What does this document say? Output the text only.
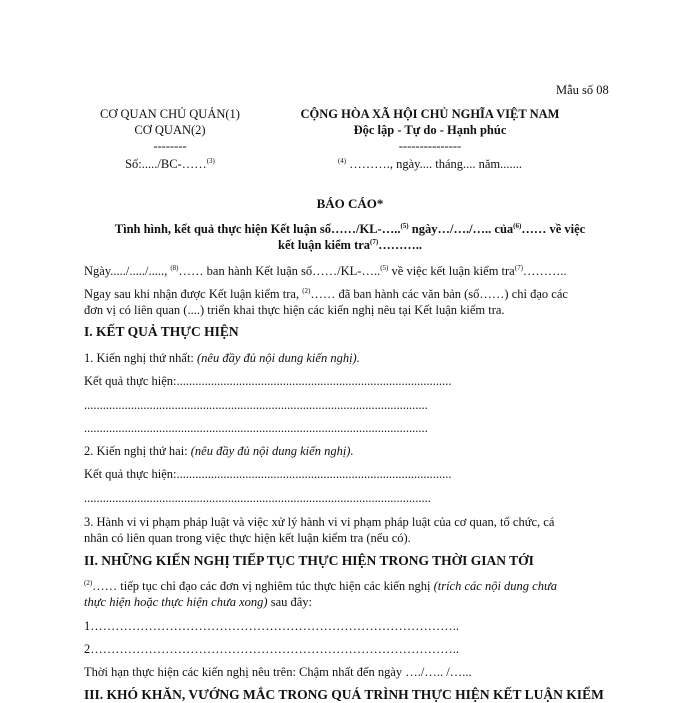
Mẫu số 08
CƠ QUAN CHỦ QUẢN(1)
CƠ QUAN(2)
--------
Số:...../BC-……$^{(3)}$
CỘNG HÒA XÃ HỘI CHỦ NGHĨA VIỆT NAM
Độc lập - Tự do - Hạnh phúc
---------------
$^{(4)}$ ………., ngày.... tháng.... năm.......
BÁO CÁO*
Tình hình, kết quả thực hiện Kết luận số……/KL-…..$^{(5)}$ ngày…/…./….. của$^{(6)}$…… về việc
kết luận kiểm tra$^{(7)}$………..
Ngày...../...../....., $^{(8)}$…… ban hành Kết luận số……/KL-…..$^{(5)}$ về việc kết luận kiểm tra$^{(7)}$………..
Ngay sau khi nhận được Kết luận kiểm tra, $^{(2)}$…… đã ban hành các văn bản (số……) chỉ đạo các
đơn vị có liên quan (....) triển khai thực hiện các kiến nghị nêu tại Kết luận kiểm tra.
I. KẾT QUẢ THỰC HIỆN
1. Kiến nghị thứ nhất: (nêu đầy đủ nội dung kiến nghị).
Kết quả thực hiện:........................................................................................
..............................................................................................................
..............................................................................................................
2. Kiến nghị thứ hai: (nêu đầy đủ nội dung kiến nghị).
Kết quả thực hiện:........................................................................................
...............................................................................................................
3. Hành vi vi phạm pháp luật và việc xử lý hành vi vi phạm pháp luật của cơ quan, tổ chức, cá
nhân có liên quan trong việc thực hiện kết luận kiểm tra (nếu có).
II. NHỮNG KIẾN NGHỊ TIẾP TỤC THỰC HIỆN TRONG THỜI GIAN TỚI
$^{(2)}$…… tiếp tục chỉ đạo các đơn vị nghiêm túc thực hiện các kiến nghị (trích các nội dung chưa
thực hiện hoặc thực hiện chưa xong) sau đây:
1……………………………………………………………………………..
2……………………………………………………………………………..
Thời hạn thực hiện các kiến nghị nêu trên: Chậm nhất đến ngày …./….. /…...
III. KHÓ KHĂN, VƯỚNG MẮC TRONG QUÁ TRÌNH THỰC HIỆN KẾT LUẬN KIỂM
